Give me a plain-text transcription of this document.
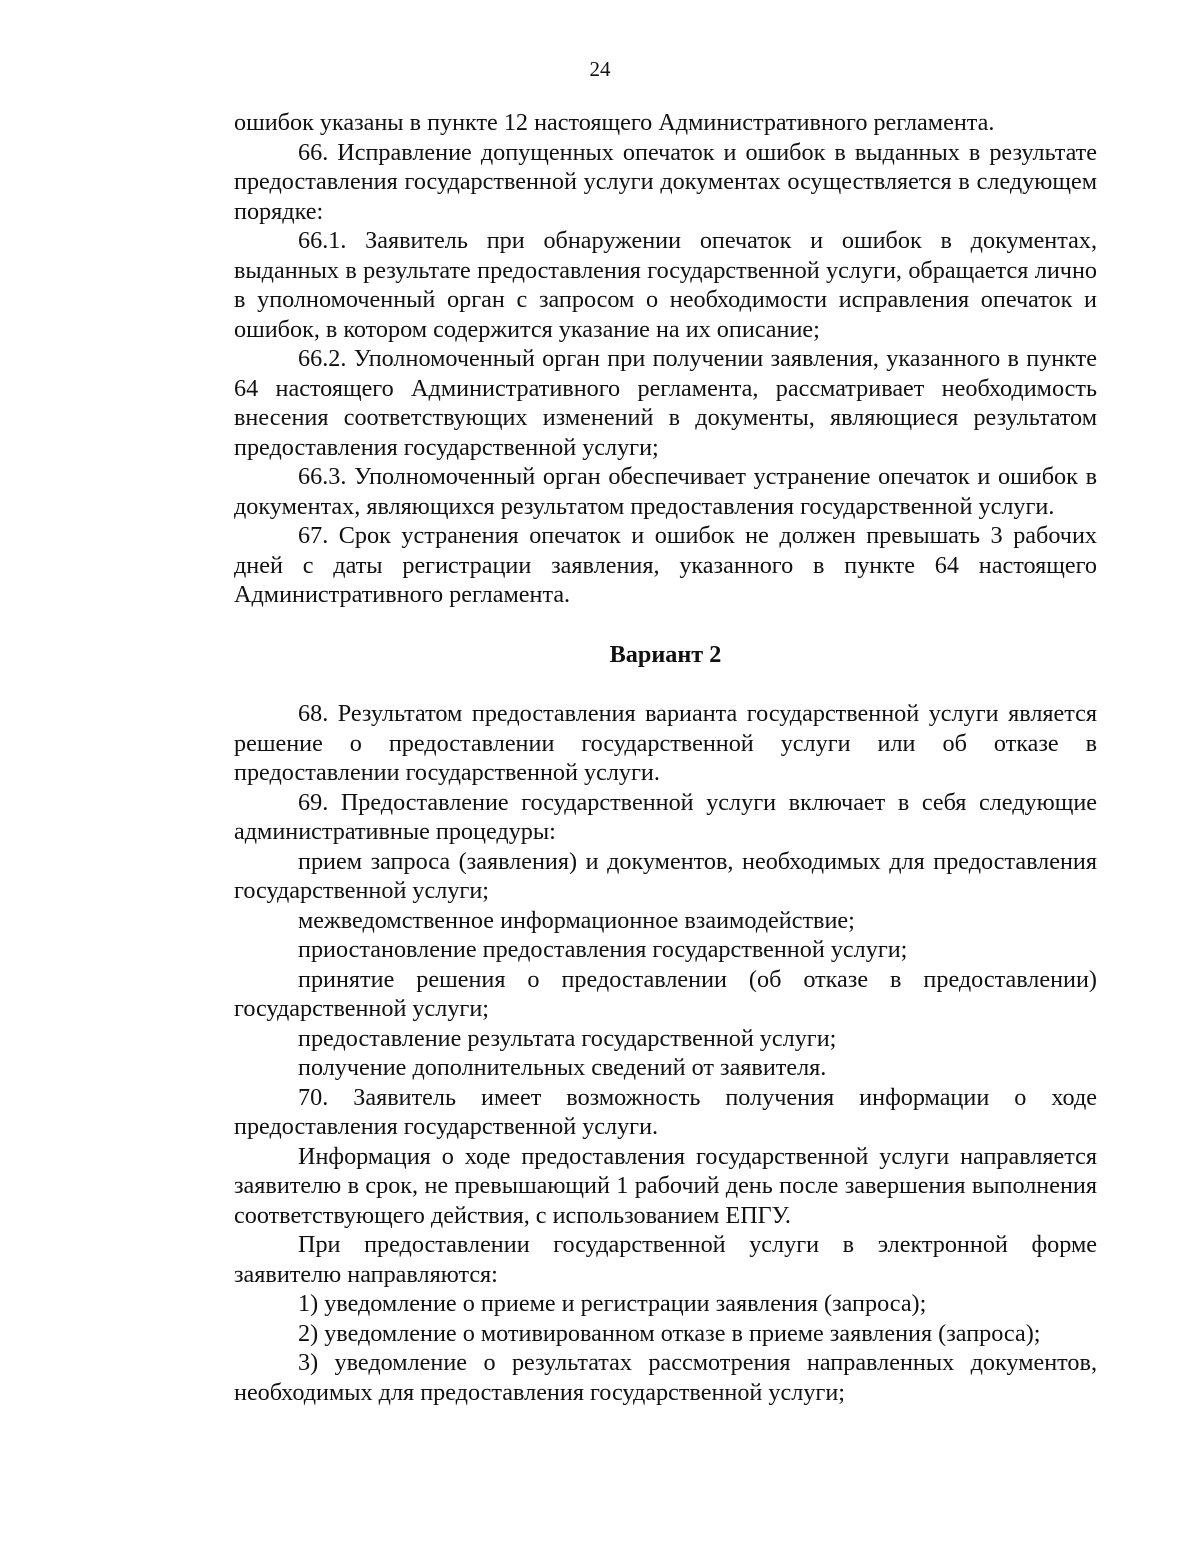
24

ошибок указаны в пункте 12 настоящего Административного регламента.

66. Исправление допущенных опечаток и ошибок в выданных в результате предоставления государственной услуги документах осуществляется в следующем порядке:

66.1. Заявитель при обнаружении опечаток и ошибок в документах, выданных в результате предоставления государственной услуги, обращается лично в уполномоченный орган с запросом о необходимости исправления опечаток и ошибок, в котором содержится указание на их описание;

66.2. Уполномоченный орган при получении заявления, указанного в пункте 64 настоящего Административного регламента, рассматривает необходимость внесения соответствующих изменений в документы, являющиеся результатом предоставления государственной услуги;

66.3. Уполномоченный орган обеспечивает устранение опечаток и ошибок в документах, являющихся результатом предоставления государственной услуги.

67. Срок устранения опечаток и ошибок не должен превышать 3 рабочих дней с даты регистрации заявления, указанного в пункте 64 настоящего Административного регламента.

Вариант 2

68. Результатом предоставления варианта государственной услуги является решение о предоставлении государственной услуги или об отказе в предоставлении государственной услуги.

69. Предоставление государственной услуги включает в себя следующие административные процедуры:

прием запроса (заявления) и документов, необходимых для предоставления государственной услуги;

межведомственное информационное взаимодействие;

приостановление предоставления государственной услуги;

принятие решения о предоставлении (об отказе в предоставлении) государственной услуги;

предоставление результата государственной услуги;

получение дополнительных сведений от заявителя.

70. Заявитель имеет возможность получения информации о ходе предоставления государственной услуги.

Информация о ходе предоставления государственной услуги направляется заявителю в срок, не превышающий 1 рабочий день после завершения выполнения соответствующего действия, с использованием ЕПГУ.

При предоставлении государственной услуги в электронной форме заявителю направляются:

1) уведомление о приеме и регистрации заявления (запроса);

2) уведомление о мотивированном отказе в приеме заявления (запроса);

3) уведомление о результатах рассмотрения направленных документов, необходимых для предоставления государственной услуги;
